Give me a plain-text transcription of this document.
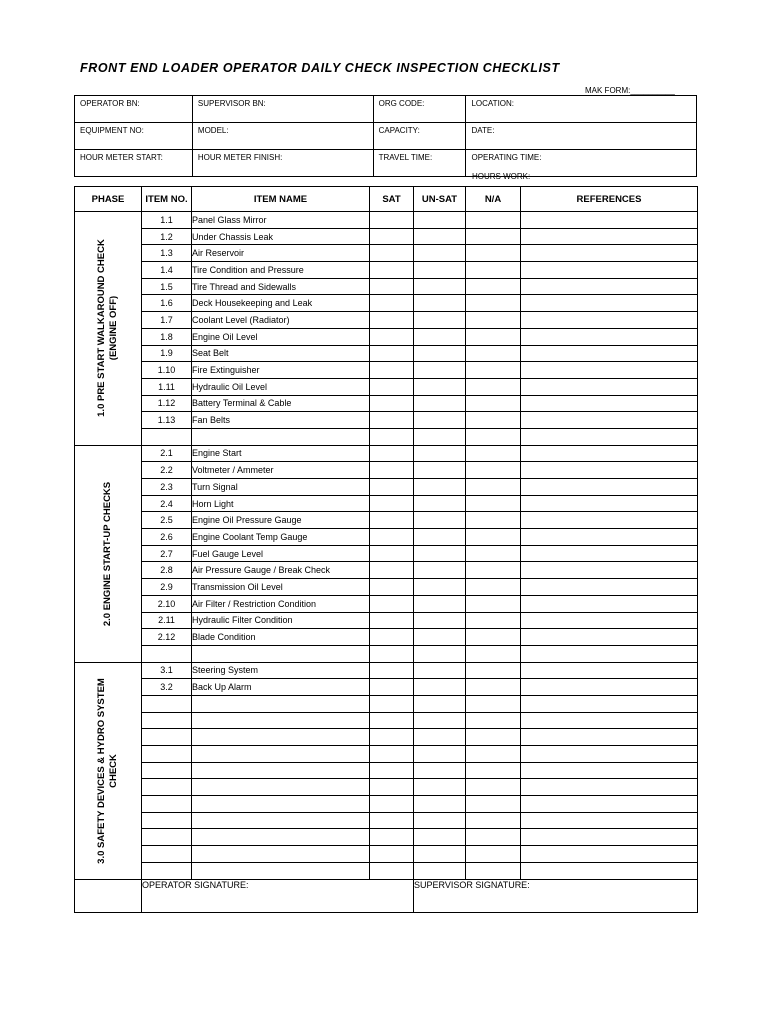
FRONT END LOADER OPERATOR DAILY CHECK INSPECTION CHECKLIST
MAK FORM:__________
OPERATOR BN:	SUPERVISOR BN:	ORG CODE:	LOCATION:
EQUIPMENT NO:	MODEL:	CAPACITY:	DATE:
HOUR METER START:	HOUR METER FINISH:	TRAVEL TIME:	OPERATING TIME:
HOURS WORK:
PHASE	ITEM NO.	ITEM NAME	SAT	UN-SAT	N/A	REFERENCES

1.0 PRE START WALKAROUND CHECK (ENGINE OFF)	1.1	Panel Glass Mirror				
	1.2	Under Chassis Leak				
	1.3	Air Reservoir				
	1.4	Tire Condition and Pressure				
	1.5	Tire Thread and Sidewalls				
	1.6	Deck Housekeeping and Leak				
	1.7	Coolant Level (Radiator)				
	1.8	Engine Oil Level				
	1.9	Seat Belt				
	1.10	Fire Extinguisher				
	1.11	Hydraulic Oil Level				
	1.12	Battery Terminal & Cable				
	1.13	Fan Belts				

2.0 ENGINE START-UP CHECKS	2.1	Engine Start				
	2.2	Voltmeter / Ammeter				
	2.3	Turn Signal				
	2.4	Horn Light				
	2.5	Engine Oil Pressure Gauge				
	2.6	Engine Coolant Temp Gauge				
	2.7	Fuel Gauge Level				
	2.8	Air Pressure Gauge / Break Check				
	2.9	Transmission Oil Level				
	2.10	Air Filter / Restriction Condition				
	2.11	Hydraulic Filter Condition				
	2.12	Blade Condition				

3.0 SAFETY DEVICES & HYDRO SYSTEM CHECK	3.1	Steering System				
	3.2	Back Up Alarm				

	OPERATOR SIGNATURE:			SUPERVISOR SIGNATURE:		
